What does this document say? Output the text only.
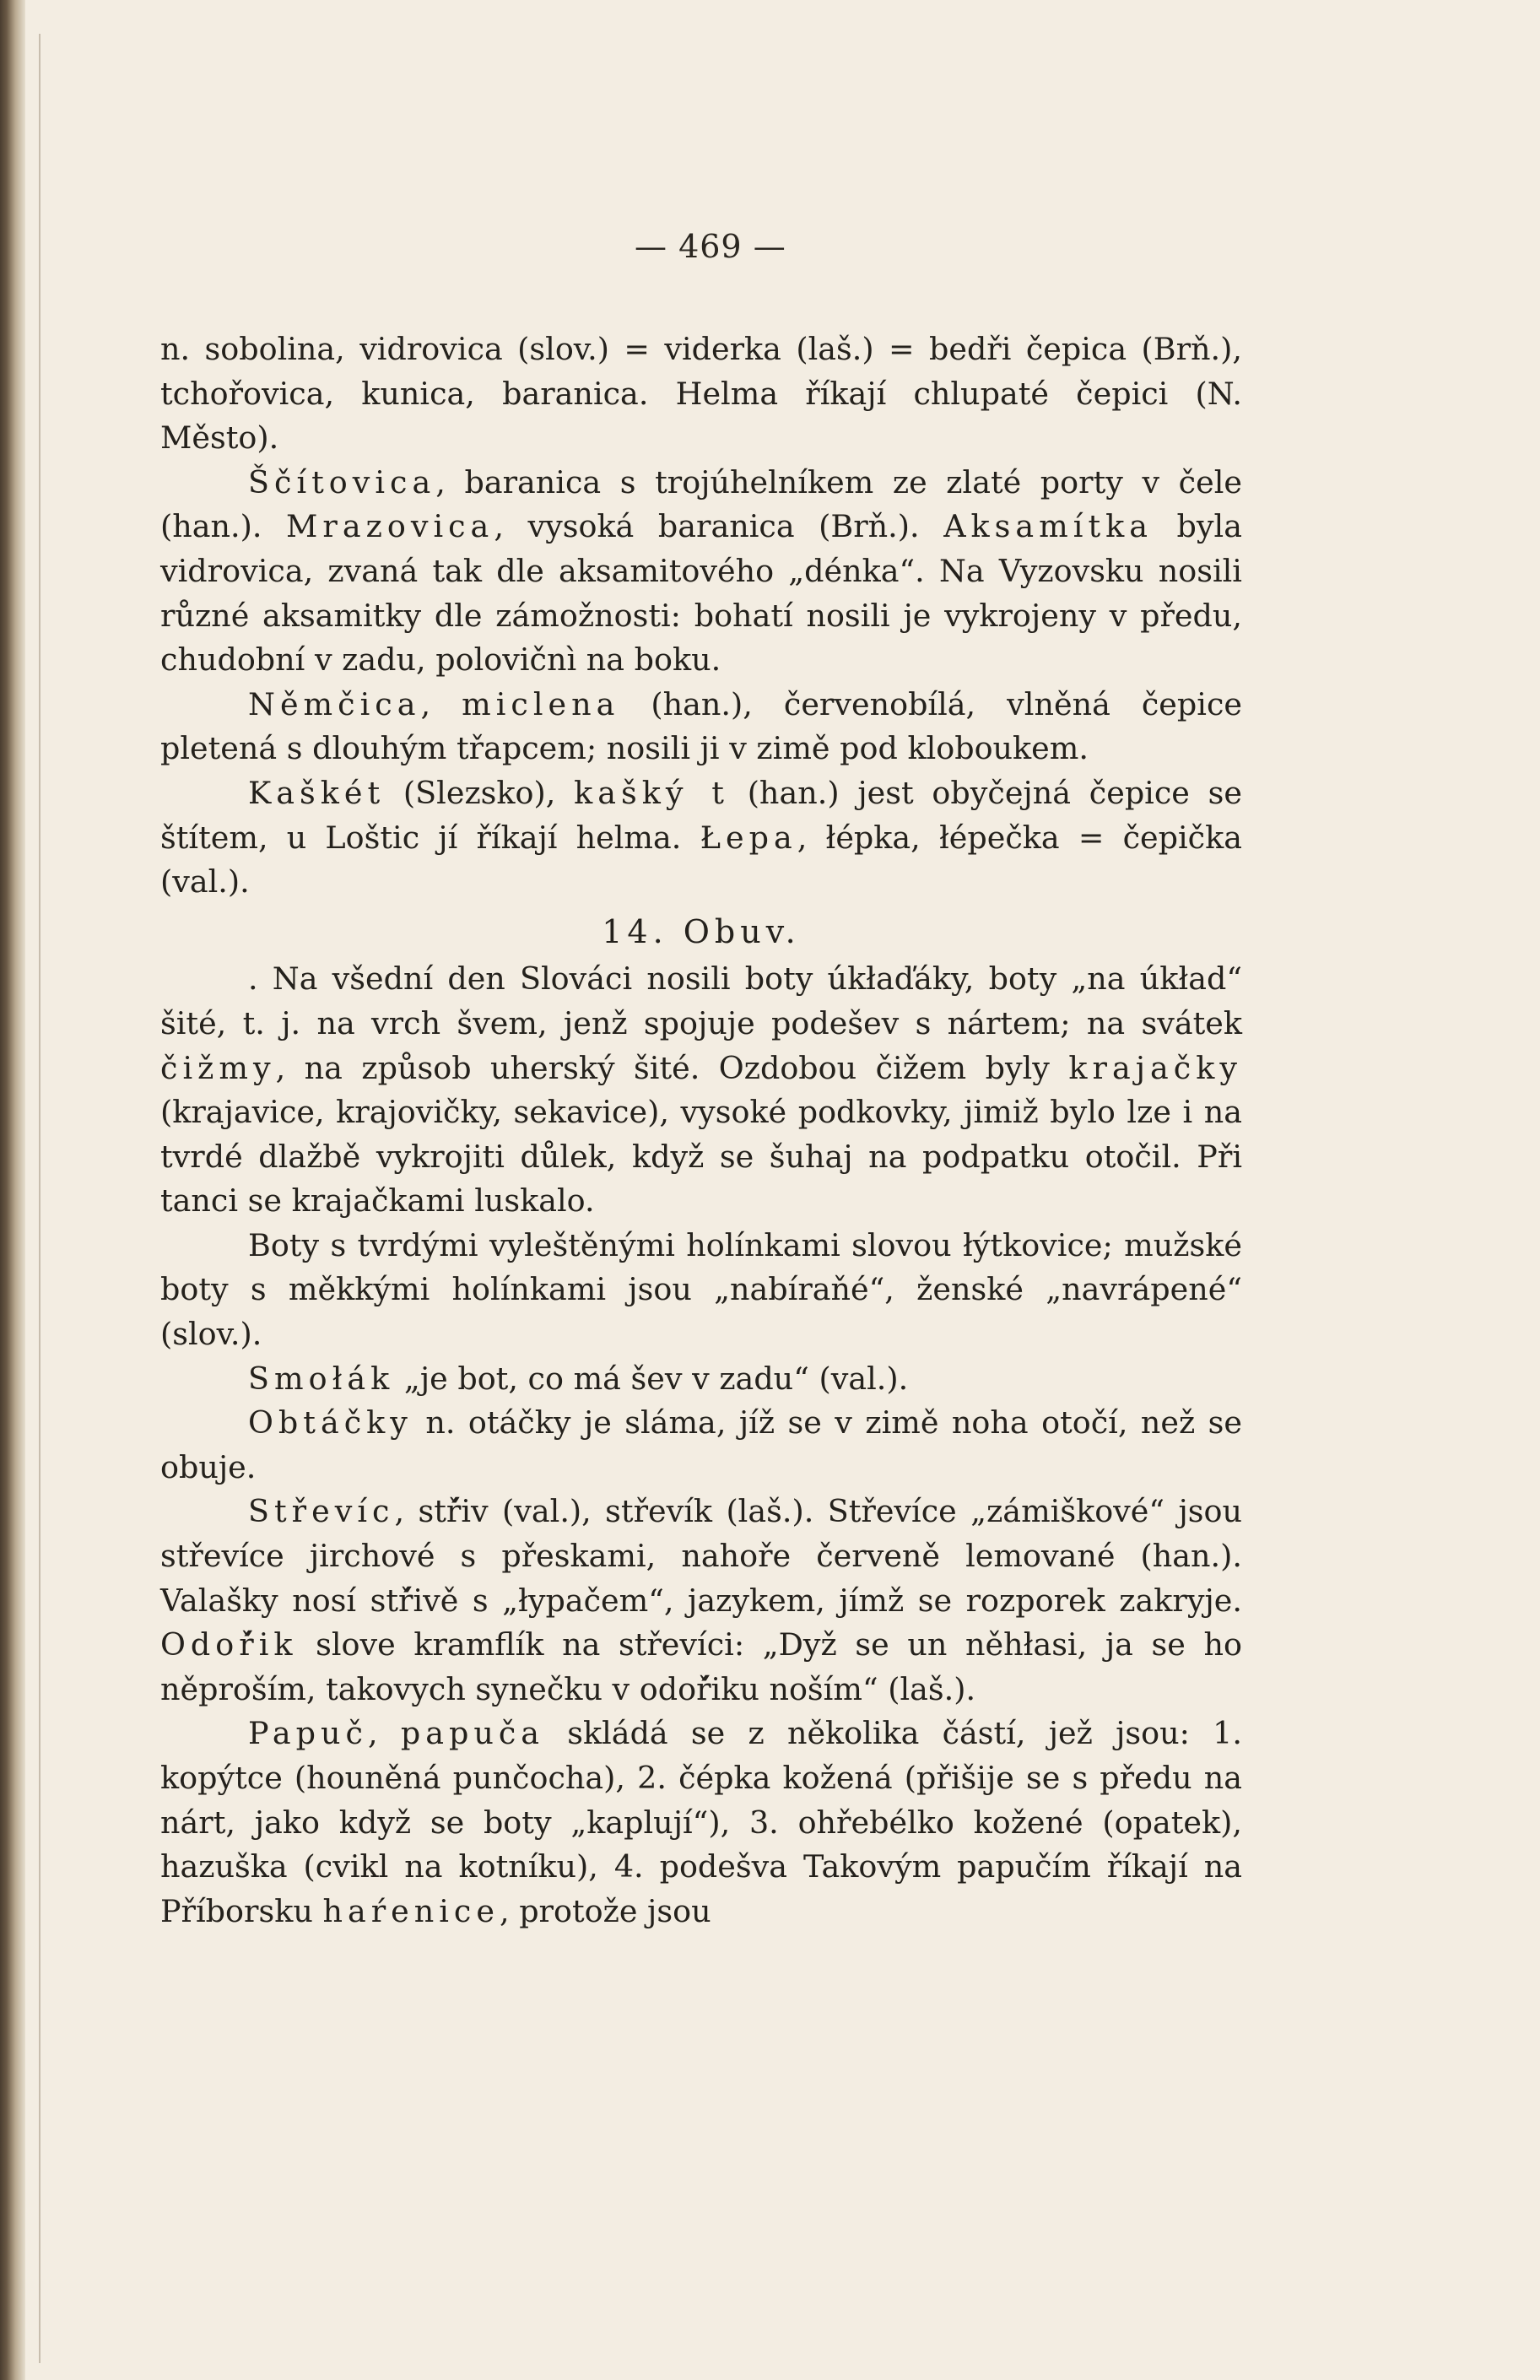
— 469 —

n. sobolina, vidrovica (slov.) = viderka (laš.) = bedři čepica (Brň.), tchořovica, kunica, baranica. Helma říkají chlupaté čepici (N. Město).

Ščítovica, baranica s trojúhelníkem ze zlaté porty v čele (han.). Mrazovica, vysoká baranica (Brň.). Aksamítka byla vidrovica, zvaná tak dle aksamitového „dénka“. Na Vyzovsku nosili různé aksamitky dle zámožnosti: bohatí nosili je vykrojeny v předu, chudobní v zadu, polovičnì na boku.

Němčica, miclena (han.), červenobílá, vlněná čepice pletená s dlouhým třapcem; nosili ji v zimě pod kloboukem.

Kaškét (Slezsko), kašký t (han.) jest obyčejná čepice se štítem, u Loštic jí říkají helma. Łepa, łépka, łépečka = čepička (val.).

14. Obuv.

. Na všední den Slováci nosili boty úkłaďáky, boty „na úkład“ šité, t. j. na vrch švem, jenž spojuje podešev s nártem; na svátek čižmy, na způsob uherský šité. Ozdobou čižem byly krajačky (krajavice, krajovičky, sekavice), vysoké podkovky, jimiž bylo lze i na tvrdé dlažbě vykrojiti důlek, když se šuhaj na podpatku otočil. Při tanci se krajačkami luskalo.

Boty s tvrdými vyleštěnými holínkami slovou łýtkovice; mužské boty s měkkými holínkami jsou „nabíraňé“, ženské „navrápené“ (slov.).

Smołák „je bot, co má šev v zadu“ (val.).

Obtáčky n. otáčky je sláma, jíž se v zimě noha otočí, než se obuje.

Střevíc, stř́iv (val.), střevík (laš.). Střevíce „zámiškové“ jsou střevíce jirchové s přeskami, nahoře červeně lemované (han.). Valašky nosí stř́ivě s „łypačem“, jazykem, jímž se rozporek zakryje. Odoř́ik slove kramflík na střevíci: „Dyž se un něhłasi, ja se ho něproším, takovych synečku v odoř́iku noším“ (laš.).

Papuč, papuča skládá se z několika částí, jež jsou: 1. kopýtce (houněná punčocha), 2. čépka kožená (přišije se s předu na nárt, jako když se boty „kaplují“), 3. ohřebélko kožené (opatek), hazuška (cvikl na kotníku), 4. podešva Takovým papučím říkají na Příborsku haŕenice, protože jsou
